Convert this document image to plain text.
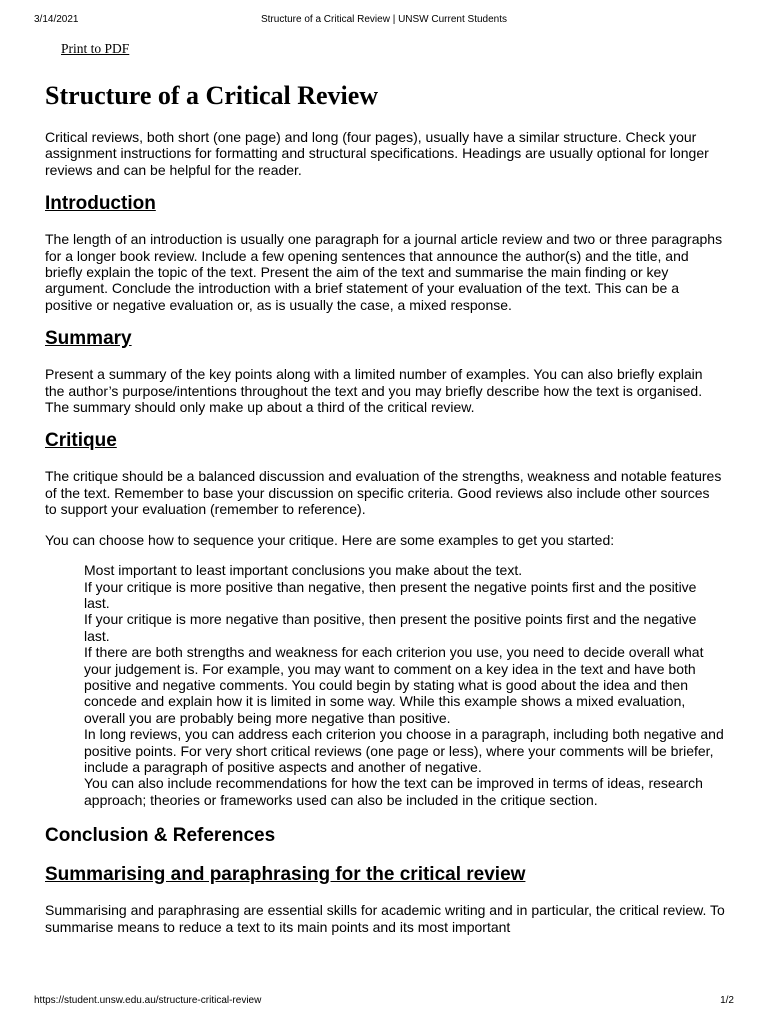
3/14/2021	Structure of a Critical Review | UNSW Current Students
Print to PDF
Structure of a Critical Review

Critical reviews, both short (one page) and long (four pages), usually have a similar structure. Check your assignment instructions for formatting and structural specifications. Headings are usually optional for longer reviews and can be helpful for the reader.

Introduction

The length of an introduction is usually one paragraph for a journal article review and two or three paragraphs for a longer book review. Include a few opening sentences that announce the author(s) and the title, and briefly explain the topic of the text. Present the aim of the text and summarise the main finding or key argument. Conclude the introduction with a brief statement of your evaluation of the text. This can be a positive or negative evaluation or, as is usually the case, a mixed response.

Summary

Present a summary of the key points along with a limited number of examples. You can also briefly explain the author’s purpose/intentions throughout the text and you may briefly describe how the text is organised. The summary should only make up about a third of the critical review.

Critique

The critique should be a balanced discussion and evaluation of the strengths, weakness and notable features of the text. Remember to base your discussion on specific criteria. Good reviews also include other sources to support your evaluation (remember to reference).

You can choose how to sequence your critique. Here are some examples to get you started:

Most important to least important conclusions you make about the text.
If your critique is more positive than negative, then present the negative points first and the positive last.
If your critique is more negative than positive, then present the positive points first and the negative last.
If there are both strengths and weakness for each criterion you use, you need to decide overall what your judgement is. For example, you may want to comment on a key idea in the text and have both positive and negative comments. You could begin by stating what is good about the idea and then concede and explain how it is limited in some way. While this example shows a mixed evaluation, overall you are probably being more negative than positive.
In long reviews, you can address each criterion you choose in a paragraph, including both negative and positive points. For very short critical reviews (one page or less), where your comments will be briefer, include a paragraph of positive aspects and another of negative.
You can also include recommendations for how the text can be improved in terms of ideas, research approach; theories or frameworks used can also be included in the critique section.
Conclusion & References
Summarising and paraphrasing for the critical review

Summarising and paraphrasing are essential skills for academic writing and in particular, the critical review. To summarise means to reduce a text to its main points and its most important

https://student.unsw.edu.au/structure-critical-review	1/2
